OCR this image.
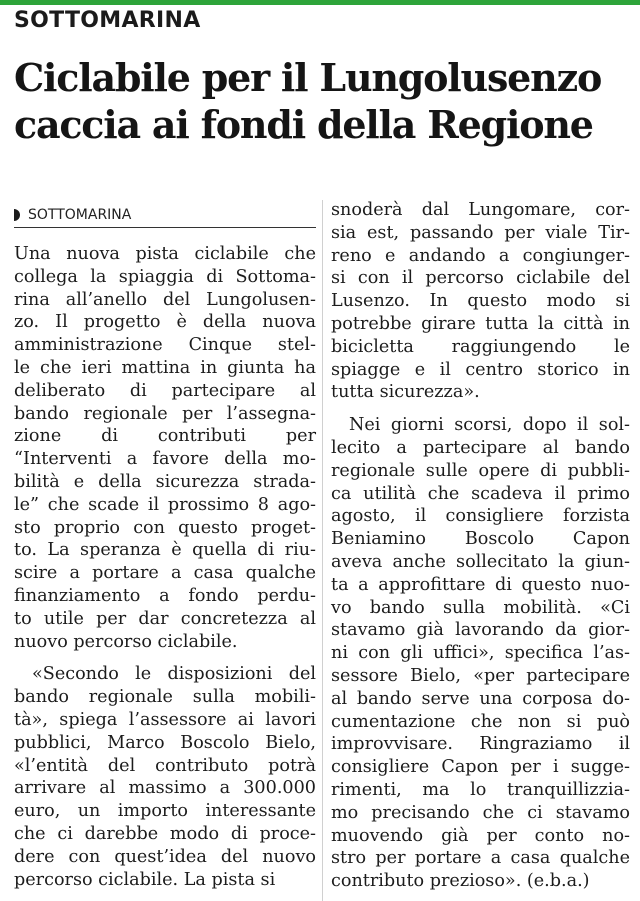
SOTTOMARINA
Ciclabile per il Lungolusenzo
caccia ai fondi della Regione
SOTTOMARINA
Una nuova pista ciclabile che
collega la spiaggia di Sottoma-
rina all’anello del Lungolusen-
zo. Il progetto è della nuova
amministrazione Cinque stel-
le che ieri mattina in giunta ha
deliberato di partecipare al
bando regionale per l’assegna-
zione di contributi per
“Interventi a favore della mo-
bilità e della sicurezza strada-
le” che scade il prossimo 8 ago-
sto proprio con questo proget-
to. La speranza è quella di riu-
scire a portare a casa qualche
finanziamento a fondo perdu-
to utile per dar concretezza al
nuovo percorso ciclabile.
«Secondo le disposizioni del
bando regionale sulla mobili-
tà», spiega l’assessore ai lavori
pubblici, Marco Boscolo Bielo,
«l’entità del contributo potrà
arrivare al massimo a 300.000
euro, un importo interessante
che ci darebbe modo di proce-
dere con quest’idea del nuovo
percorso ciclabile. La pista si
snoderà dal Lungomare, cor-
sia est, passando per viale Tir-
reno e andando a congiunger-
si con il percorso ciclabile del
Lusenzo. In questo modo si
potrebbe girare tutta la città in
bicicletta raggiungendo le
spiagge e il centro storico in
tutta sicurezza».
Nei giorni scorsi, dopo il sol-
lecito a partecipare al bando
regionale sulle opere di pubbli-
ca utilità che scadeva il primo
agosto, il consigliere forzista
Beniamino Boscolo Capon
aveva anche sollecitato la giun-
ta a approfittare di questo nuo-
vo bando sulla mobilità. «Ci
stavamo già lavorando da gior-
ni con gli uffici», specifica l’as-
sessore Bielo, «per partecipare
al bando serve una corposa do-
cumentazione che non si può
improvvisare. Ringraziamo il
consigliere Capon per i sugge-
rimenti, ma lo tranquillizzia-
mo precisando che ci stavamo
muovendo già per conto no-
stro per portare a casa qualche
contributo prezioso». (e.b.a.)
